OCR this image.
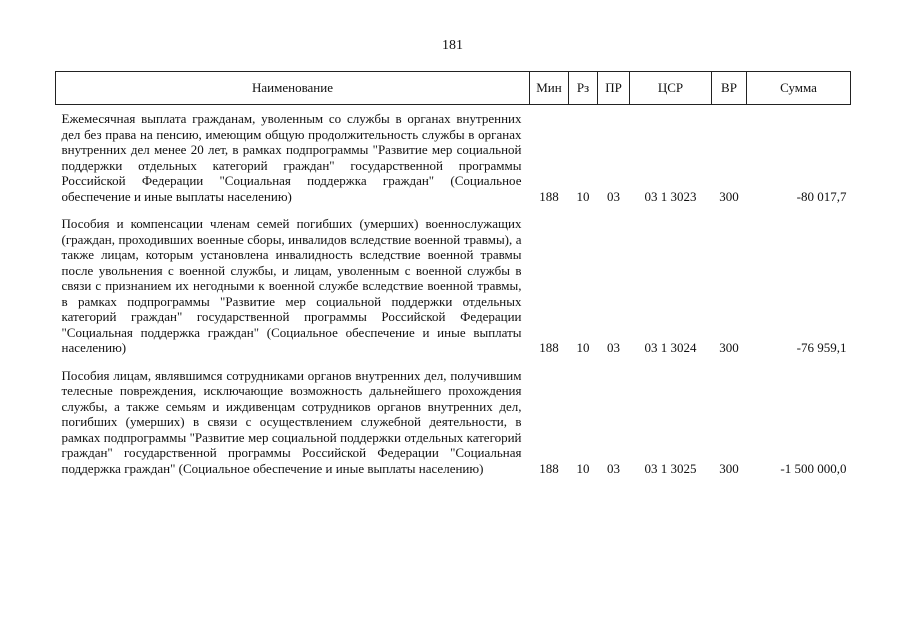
181
Наименование	Мин	Рз	ПР	ЦСР	ВР	Сумма
Ежемесячная выплата гражданам, уволенным со службы в органах внутренних дел без права на пенсию, имеющим общую продолжительность службы в органах внутренних дел менее 20 лет, в рамках подпрограммы "Развитие мер социальной поддержки отдельных категорий граждан" государственной программы Российской Федерации "Социальная поддержка граждан" (Социальное обеспечение и иные выплаты населению)	188	10	03	03 1 3023	300	-80 017,7
Пособия и компенсации членам семей погибших (умерших) военнослужащих (граждан, проходивших военные сборы, инвалидов вследствие военной травмы), а также лицам, которым установлена инвалидность вследствие военной травмы после увольнения с военной службы, и лицам, уволенным с военной службы в связи с признанием их негодными к военной службе вследствие военной травмы, в рамках подпрограммы "Развитие мер социальной поддержки отдельных категорий граждан" государственной программы Российской Федерации "Социальная поддержка граждан" (Социальное обеспечение и иные выплаты населению)	188	10	03	03 1 3024	300	-76 959,1
Пособия лицам, являвшимся сотрудниками органов внутренних дел, получившим телесные повреждения, исключающие возможность дальнейшего прохождения службы, а также семьям и иждивенцам сотрудников органов внутренних дел, погибших (умерших) в связи с осуществлением служебной деятельности, в рамках подпрограммы "Развитие мер социальной поддержки отдельных категорий граждан" государственной программы Российской Федерации "Социальная поддержка граждан" (Социальное обеспечение и иные выплаты населению)	188	10	03	03 1 3025	300	-1 500 000,0
